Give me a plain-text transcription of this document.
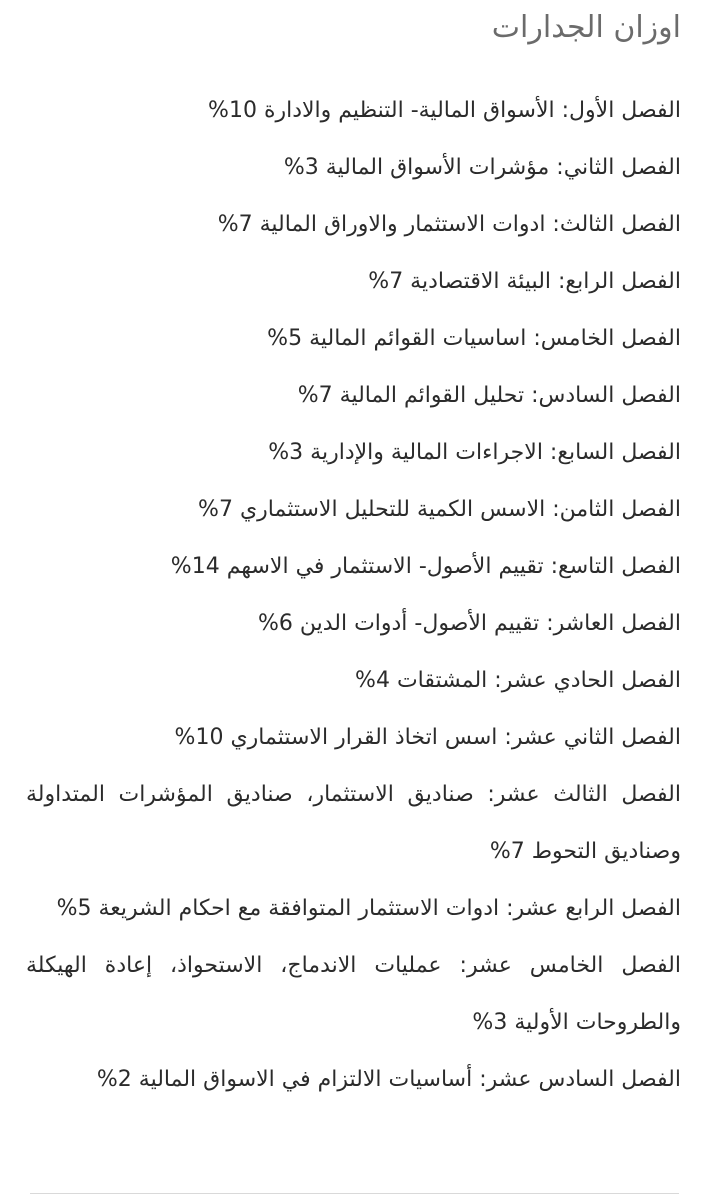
اوزان الجدارات
الفصل الأول: الأسواق المالية- التنظيم والادارة 10%
الفصل الثاني: مؤشرات الأسواق المالية 3%
الفصل الثالث: ادوات الاستثمار والاوراق المالية 7%
الفصل الرابع: البيئة الاقتصادية 7%
الفصل الخامس: اساسيات القوائم المالية 5%
الفصل السادس: تحليل القوائم المالية 7%
الفصل السابع: الاجراءات المالية والإدارية 3%
الفصل الثامن: الاسس الكمية للتحليل الاستثماري 7%
الفصل التاسع: تقييم الأصول- الاستثمار في الاسهم 14%
الفصل العاشر: تقييم الأصول- أدوات الدين 6%
الفصل الحادي عشر: المشتقات 4%
الفصل الثاني عشر: اسس اتخاذ القرار الاستثماري 10%
الفصل الثالث عشر: صناديق الاستثمار، صناديق المؤشرات المتداولة وصناديق التحوط 7%
الفصل الرابع عشر: ادوات الاستثمار المتوافقة مع احكام الشريعة 5%
الفصل الخامس عشر: عمليات الاندماج، الاستحواذ، إعادة الهيكلة والطروحات الأولية 3%
الفصل السادس عشر: أساسيات الالتزام في الاسواق المالية 2%
